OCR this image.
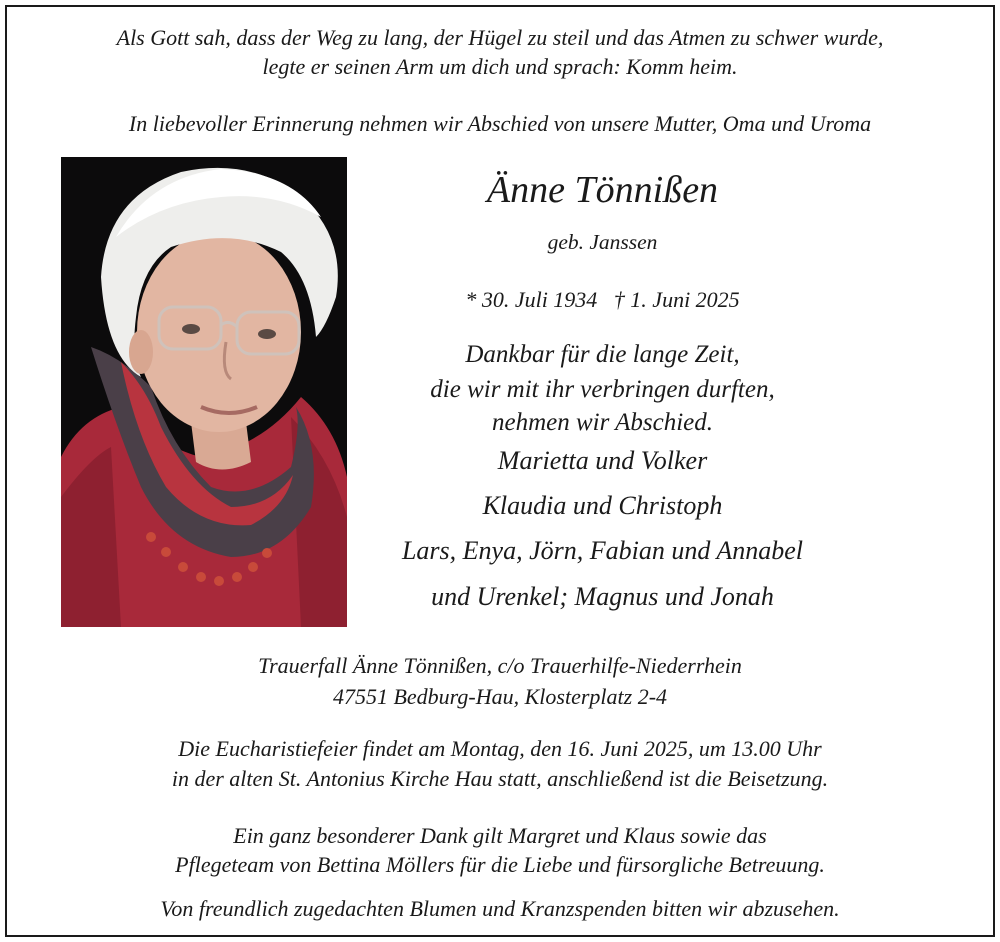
Als Gott sah, dass der Weg zu lang, der Hügel zu steil und das Atmen zu schwer wurde,
legte er seinen Arm um dich und sprach: Komm heim.
In liebevoller Erinnerung nehmen wir Abschied von unsere Mutter, Oma und Uroma
Änne Tönnißen
geb. Janssen
* 30. Juli 1934   † 1. Juni 2025
Dankbar für die lange Zeit,
die wir mit ihr verbringen durften,
nehmen wir Abschied.
Marietta und Volker
Klaudia und Christoph
Lars, Enya, Jörn, Fabian und Annabel
und Urenkel; Magnus und Jonah
Trauerfall Änne Tönnißen, c/o Trauerhilfe-Niederrhein
47551 Bedburg-Hau, Klosterplatz 2-4
Die Eucharistiefeier findet am Montag, den 16. Juni 2025, um 13.00 Uhr
in der alten St. Antonius Kirche Hau statt, anschließend ist die Beisetzung.
Ein ganz besonderer Dank gilt Margret und Klaus sowie das
Pflegeteam von Bettina Möllers für die Liebe und fürsorgliche Betreuung.
Von freundlich zugedachten Blumen und Kranzspenden bitten wir abzusehen.
